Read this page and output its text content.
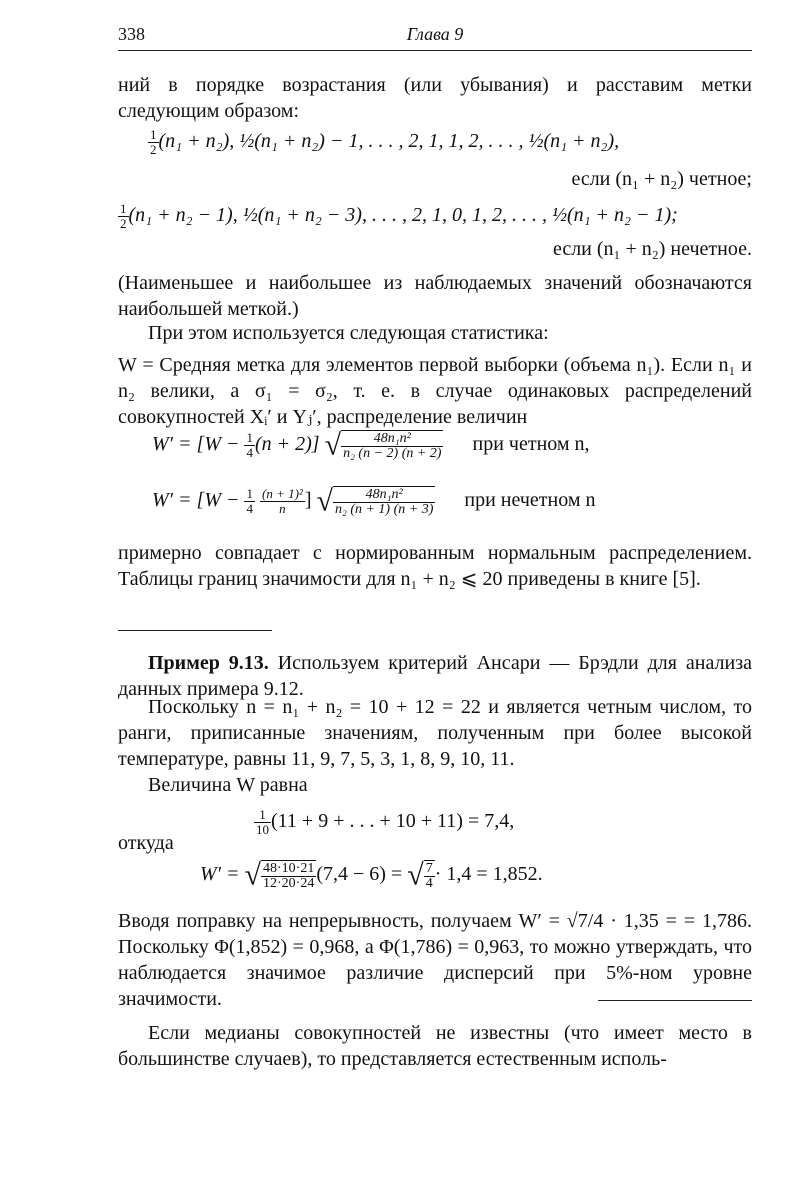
338	Глава 9
ний в порядке возрастания (или убывания) и расставим метки следующим образом:
$\frac{1}{2} (n_1 + n_2)$, ½(n₁ + n₂) − 1, . . . , 2, 1, 1, 2, . . . , ½(n₁ + n₂),
если (n₁ + n₂) четное;
$\frac{1}{2} (n_1 + n_2 - 1)$, ½(n₁ + n₂ − 3), . . . , 2, 1, 0, 1, 2, . . . , ½(n₁ + n₂ − 1);
если (n₁ + n₂) нечетное.
(Наименьшее и наибольшее из наблюдаемых значений обозначаются наибольшей меткой.)
При этом используется следующая статистика:
W = Средняя метка для элементов первой выборки (объема n₁). Если n₁ и n₂ велики, а σ₁ = σ₂, т. е. в случае одинаковых распределений совокупностей Xᵢ′ и Yⱼ′, распределение величин
$W' = [W - \frac{1}{4} (n + 2)]$ √ $\frac{\text{48n₁n²}}{\text{n₂ (n − 2) (n + 2)}}$ при четном n,
$W' = [W - \frac{1}{4}$
$\frac{\text{(n + 1)²}}{n}$ ] √ $\frac{\text{48n₁n²}}{\text{n₂ (n + 1) (n + 3)}}$ при нечетном n
примерно совпадает с нормированным нормальным распределением. Таблицы границ значимости для n₁ + n₂ ⩽ 20 приведены в книге [5].
Пример 9.13. Используем критерий Ансари — Брэдли для анализа данных примера 9.12.
Поскольку n = n₁ + n₂ = 10 + 12 = 22 и является четным числом, то ранги, приписанные значениям, полученным при более высокой температуре, равны 11, 9, 7, 5, 3, 1, 8, 9, 10, 11.
Величина W равна
$\frac{1}{10} (11 + 9$ + . . . + 10 + 11) = 7,4,
откуда
W′ = √ $\frac{48\cdot 10\cdot 21}{12\cdot 20\cdot 24} (7,4 - 6)$ = √ $\frac{7}{4} \cdot 1,4 = 1,852$.
Вводя поправку на непрерывность, получаем W′ = √7/4 · 1,35 = = 1,786. Поскольку Φ(1,852) = 0,968, а Φ(1,786) = 0,963, то можно утверждать, что наблюдается значимое различие дисперсий при 5%-ном уровне значимости.
Если медианы совокупностей не известны (что имеет место в большинстве случаев), то представляется естественным исполь-
